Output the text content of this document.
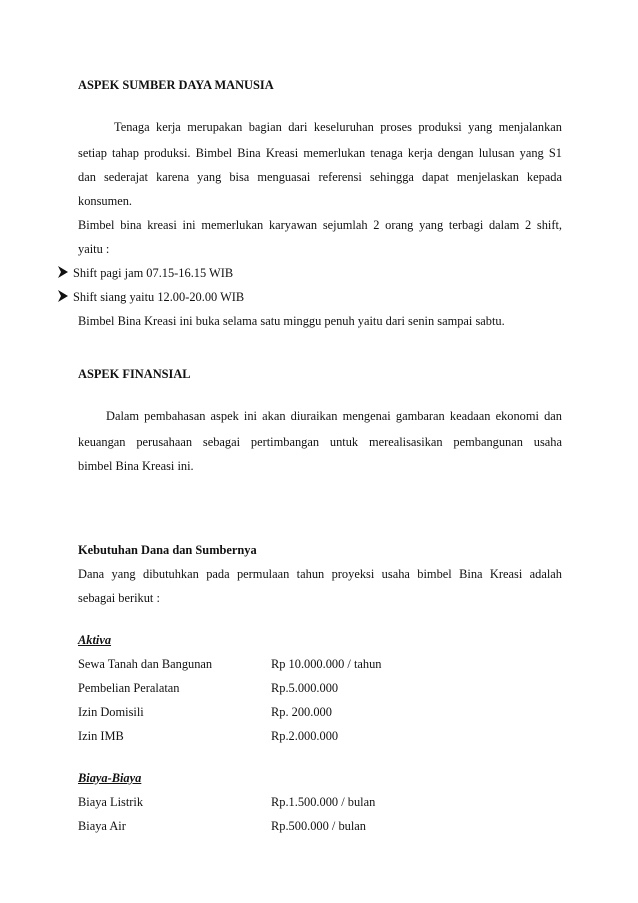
ASPEK SUMBER DAYA MANUSIA
Tenaga kerja merupakan bagian dari keseluruhan proses produksi yang menjalankan
setiap tahap produksi. Bimbel Bina Kreasi memerlukan tenaga kerja dengan lulusan yang S1
dan sederajat karena yang bisa menguasai referensi sehingga dapat menjelaskan kepada
konsumen.
Bimbel bina kreasi ini memerlukan karyawan sejumlah 2 orang yang terbagi dalam 2 shift,
yaitu :
Shift pagi jam 07.15-16.15 WIB
Shift siang yaitu 12.00-20.00 WIB
Bimbel Bina Kreasi ini buka selama satu minggu penuh yaitu dari senin sampai sabtu.
ASPEK FINANSIAL
Dalam pembahasan aspek ini akan diuraikan mengenai gambaran keadaan ekonomi dan
keuangan perusahaan sebagai pertimbangan untuk merealisasikan pembangunan usaha
bimbel Bina Kreasi ini.
Kebutuhan Dana dan Sumbernya
Dana yang dibutuhkan pada permulaan tahun proyeksi usaha bimbel Bina Kreasi adalah
sebagai berikut :
Aktiva
Sewa Tanah dan Bangunan	Rp 10.000.000 / tahun
Pembelian Peralatan	Rp.5.000.000
Izin Domisili	Rp. 200.000
Izin IMB	Rp.2.000.000
Biaya-Biaya
Biaya Listrik	Rp.1.500.000 / bulan
Biaya Air	Rp.500.000 / bulan
